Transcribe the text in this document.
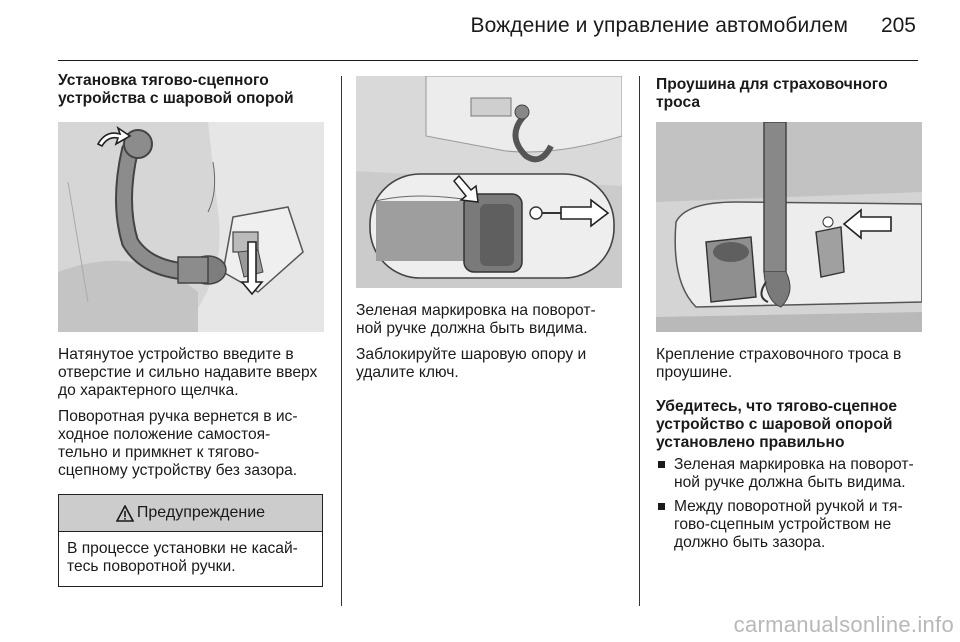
Вождение и управление автомобилем 205
Установка тягово-сцепного
устройства с шаровой опорой
Натянутое устройство введите в
отверстие и сильно надавите вверх
до характерного щелчка.
Поворотная ручка вернется в ис-
ходное положение самостоя-
тельно и примкнет к тягово-
сцепному устройству без зазора.
Предупреждение
В процессе установки не касай-
тесь поворотной ручки.
Зеленая маркировка на поворот-
ной ручке должна быть видима.
Заблокируйте шаровую опору и
удалите ключ.
Проушина для страховочного
троса
Крепление страховочного троса в
проушине.
Убедитесь, что тягово-сцепное
устройство с шаровой опорой
установлено правильно
Зеленая маркировка на поворот-
ной ручке должна быть видима.
Между поворотной ручкой и тя-
гово-сцепным устройством не
должно быть зазора.
carmanualsonline.info
